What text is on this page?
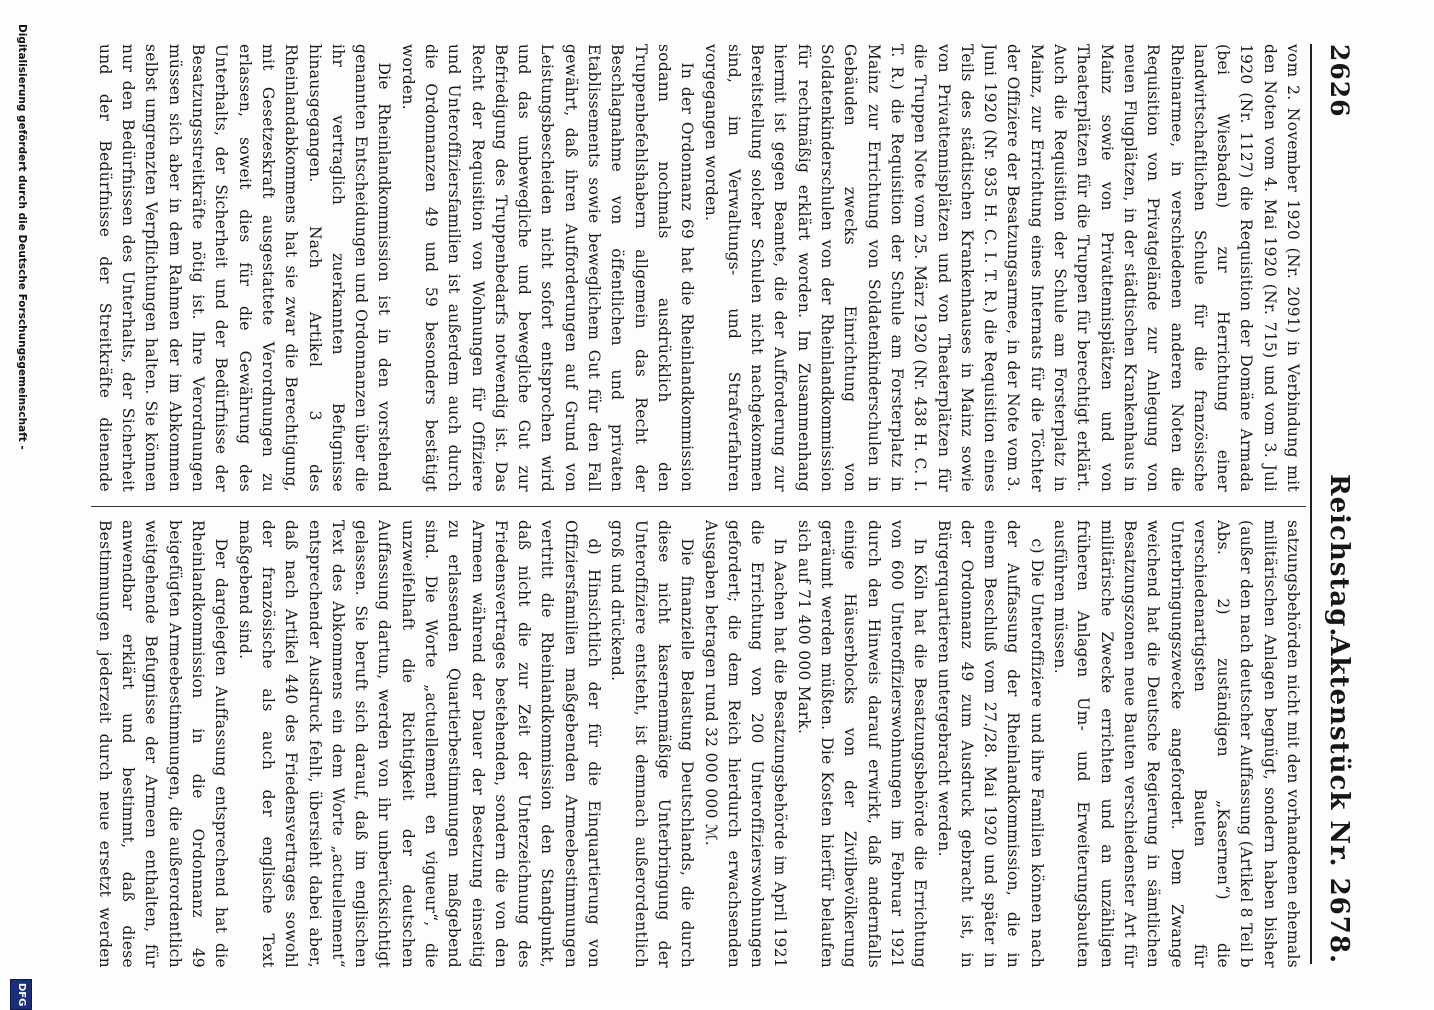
2626
Reichstag.
Aktenstück Nr. 2678.

vom 2. November 1920 (Nr. 2091) in Verbindung mit den Noten vom 4. Mai 1920 (Nr. 715) und vom 3. Juli 1920 (Nr. 1127) die Requisition der Domäne Armada (bei Wiesbaden) zur Herrichtung einer landwirtschaftlichen Schule für die französische Rheinarmee, in verschiedenen anderen Noten die Requisition von Privatgelände zur Anlegung von neuen Flugplätzen, in der städtischen Krankenhaus in Mainz sowie von Privattennisplätzen und von Theaterplätzen für die Truppen für berechtigt erklärt. Auch die Requisition der Schule am Forsterplatz in Mainz, zur Errichtung eines Internats für die Töchter der Offiziere der Besatzungsarmee, in der Note vom 3. Juni 1920 (Nr. 935 H. C. I. T. R.) die Requisition eines Teils des städtischen Krankenhauses in Mainz sowie von Privattennisplätzen und von Theaterplätzen für die Truppen Note vom 25. März 1920 (Nr. 438 H. C. I. T. R.) die Requisition der Schule am Forsterplatz in Mainz zur Errichtung von Soldatenkinderschulen in Gebäuden zwecks Einrichtung von Soldatenkinderschulen von der Rheinlandkommission für rechtmäßig erklärt worden. Im Zusammenhang hiermit ist gegen Beamte, die der Aufforderung zur Bereitstellung solcher Schulen nicht nachgekommen sind, im Verwaltungs- und Strafverfahren vorgegangen worden.

In der Ordonnanz 69 hat die Rheinlandkommission sodann nochmals ausdrücklich den Truppenbefehlshabern allgemein das Recht der Beschlagnahme von öffentlichen und privaten Etablissements sowie beweglichem Gut für den Fall gewährt, daß ihren Aufforderungen auf Grund von Leistungsbescheiden nicht sofort entsprochen wird und das unbewegliche und bewegliche Gut zur Befriedigung des Truppenbedarfs notwendig ist. Das Recht der Requisition von Wohnungen für Offiziere und Unteroffiziersfamilien ist außerdem auch durch die Ordonnanzen 49 und 59 besonders bestätigt worden.

Die Rheinlandkommission ist in den vorstehend genannten Entscheidungen und Ordonnanzen über die ihr vertraglich zuerkannten Befugnisse hinausgegangen. Nach Artikel 3 des Rheinlandabkommens hat sie zwar die Berechtigung, mit Gesetzeskraft ausgestattete Verordnungen zu erlassen, soweit dies für die Gewährung des Unterhalts, der Sicherheit und der Bedürfnisse der Besatzungsstreitkräfte nötig ist. Ihre Verordnungen müssen sich aber in dem Rahmen der im Abkommen selbst umgrenzten Verpflichtungen halten. Sie können nur den Bedürfnissen des Unterhalts, der Sicherheit und der Bedürfnisse der Streitkräfte dienende

satzungsbehörden nicht mit den vorhandenen ehemals militärischen Anlagen begnügt, sondern haben bisher (außer den nach deutscher Auffassung (Artikel 8 Teil b Abs. 2) zuständigen „Kasernen“) die verschiedenartigsten Bauten für Unterbringungszwecke angefordert. Dem Zwange weichend hat die Deutsche Regierung in sämtlichen Besatzungszonen neue Bauten verschiedenster Art für militärische Zwecke errichten und an unzähligen früheren Anlagen Um- und Erweiterungsbauten ausführen müssen.

c) Die Unteroffiziere und ihre Familien können nach der Auffassung der Rheinlandkommission, die in einem Beschluß vom 27./28. Mai 1920 und später in der Ordonnanz 49 zum Ausdruck gebracht ist, in Bürgerquartieren untergebracht werden.

In Köln hat die Besatzungsbehörde die Errichtung von 600 Unteroffizierswohnungen im Februar 1921 durch den Hinweis darauf erwirkt, daß andernfalls einige Häuserblocks von der Zivilbevölkerung geräumt werden müßten. Die Kosten hierfür belaufen sich auf 71 400 000 Mark.

In Aachen hat die Besatzungsbehörde im April 1921 die Errichtung von 200 Unteroffizierswohnungen gefordert; die dem Reich hierdurch erwachsenden Ausgaben betragen rund 32 000 000 ℳ.

Die finanzielle Belastung Deutschlands, die durch diese nicht kasernenmäßige Unterbringung der Unteroffiziere entsteht, ist demnach außerordentlich groß und drückend.

d) Hinsichtlich der für die Einquartierung von Offiziersfamilien maßgebenden Armeebestimmungen vertritt die Rheinlandkommission den Standpunkt, daß nicht die zur Zeit der Unterzeichnung des Friedensvertrages bestehenden, sondern die von den Armeen während der Dauer der Besetzung einseitig zu erlassenden Quartierbestimmungen maßgebend sind. Die Worte „actuellement en vigueur“, die unzweifelhaft die Richtigkeit der deutschen Auffassung dartun, werden von ihr unberücksichtigt gelassen. Sie beruft sich darauf, daß im englischen Text des Abkommens ein dem Worte „actuellement“ entsprechender Ausdruck fehlt, übersieht dabei aber, daß nach Artikel 440 des Friedensvertrages sowohl der französische als auch der englische Text maßgebend sind.

Der dargelegten Auffassung entsprechend hat die Rheinlandkommission in die Ordonnanz 49 beigefügten Armeebestimmungen, die außerordentlich weitgehende Befugnisse der Armeen enthalten, für anwendbar erklärt und bestimmt, daß diese Bestimmungen jederzeit durch neue ersetzt werden

Digitalisierung gefördert durch die Deutsche Forschungsgemeinschaft -
DFG
